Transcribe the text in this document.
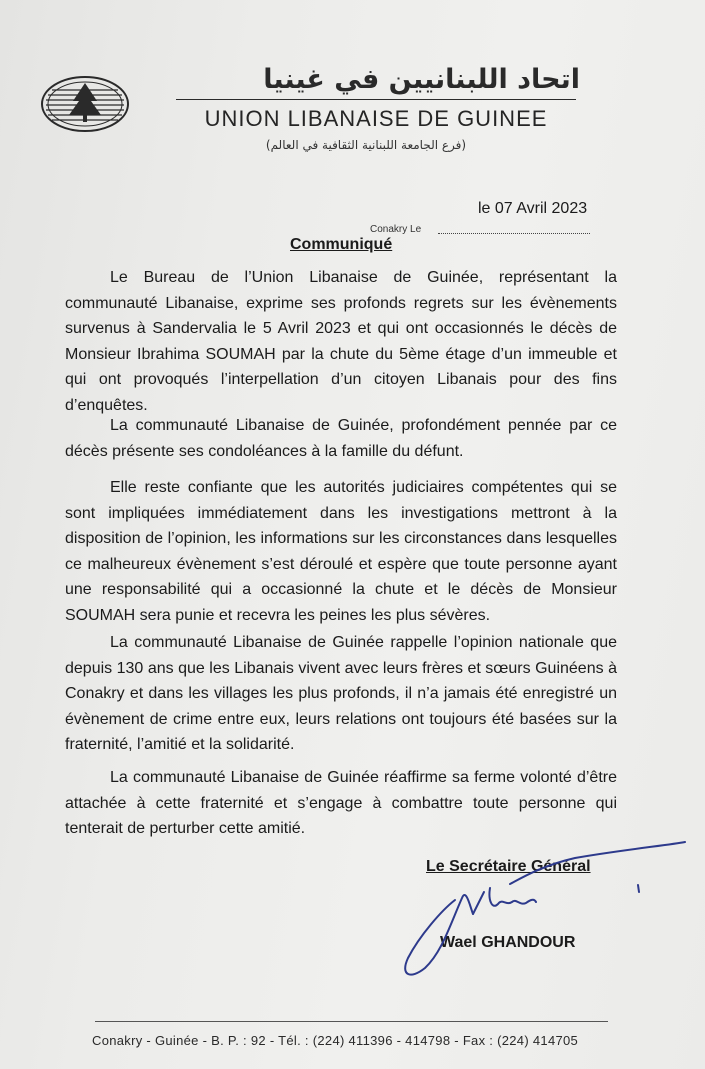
اتحاد اللبنانيين في غينيا
UNION LIBANAISE DE GUINEE
(فرع الجامعة اللبنانية الثقافية في العالم)
le 07 Avril 2023
Conakry Le
Communiqué

Le Bureau de l’Union Libanaise de Guinée, représentant la communauté Libanaise, exprime ses profonds regrets sur les évènements survenus à Sandervalia le 5 Avril 2023 et qui ont occasionnés le décès de Monsieur Ibrahima SOUMAH par la chute du 5ème étage d’un immeuble et qui ont provoqués l’interpellation d’un citoyen Libanais pour des fins d’enquêtes.

La communauté Libanaise de Guinée, profondément pennée par ce décès présente ses condoléances à la famille du défunt.

Elle reste confiante que les autorités judiciaires compétentes qui se sont impliquées immédiatement dans les investigations mettront à la disposition de l’opinion, les informations sur les circonstances dans lesquelles ce malheureux évènement s’est déroulé et espère que toute personne ayant une responsabilité qui a occasionné la chute et le décès de Monsieur SOUMAH sera punie et recevra les peines les plus sévères.

La communauté Libanaise de Guinée rappelle l’opinion nationale que depuis 130 ans que les Libanais vivent avec leurs frères et sœurs Guinéens à Conakry et dans les villages les plus profonds, il n’a jamais été enregistré un évènement de crime entre eux, leurs relations ont toujours été basées sur la fraternité, l’amitié et la solidarité.

La communauté Libanaise de Guinée réaffirme sa ferme volonté d’être attachée à cette fraternité et s’engage à combattre toute personne qui tenterait de perturber cette amitié.

Le Secrétaire Général
Wael GHANDOUR
Conakry - Guinée - B. P. : 92 - Tél. : (224) 411396 - 414798 - Fax : (224) 414705
